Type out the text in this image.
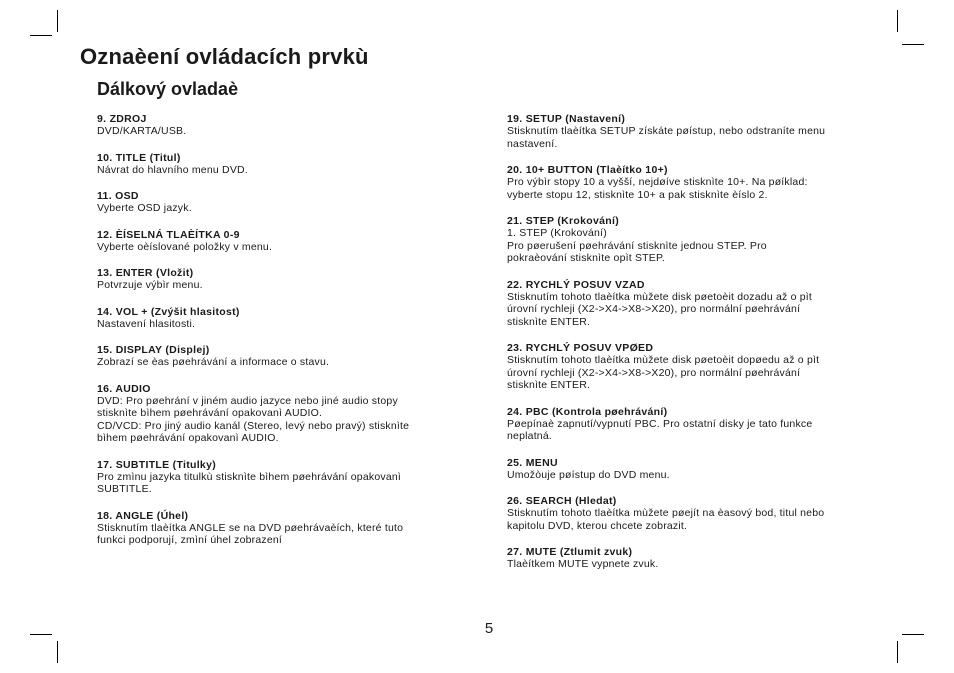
Oznaèení ovládacích prvkù
Dálkový ovladaè
9. ZDROJ
DVD/KARTA/USB.
10. TITLE (Titul)
Návrat do hlavního menu DVD.
11. OSD
Vyberte OSD jazyk.
12. ÈÍSELNÁ TLAÈÍTKA 0-9
Vyberte oèíslované položky v menu.
13. ENTER (Vložit)
Potvrzuje výbìr menu.
14. VOL + (Zvýšit hlasitost)
Nastavení hlasitosti.
15. DISPLAY (Displej)
Zobrazí se èas pøehrávání a informace o stavu.
16. AUDIO
DVD: Pro pøehrání v jiném audio jazyce nebo jiné audio stopy
stisknìte bìhem pøehrávání opakovanì AUDIO.
CD/VCD: Pro jiný audio kanál (Stereo, levý nebo pravý) stisknìte
bìhem pøehrávání opakovanì AUDIO.
17. SUBTITLE (Titulky)
Pro zmìnu jazyka titulkù stisknìte bìhem pøehrávání opakovanì
SUBTITLE.
18. ANGLE (Úhel)
Stisknutím tlaèítka ANGLE se na DVD pøehrávaèích, které tuto
funkci podporují, zmìní úhel zobrazení
19. SETUP (Nastavení)
Stisknutím tlaèítka SETUP získáte pøístup, nebo odstraníte menu
nastavení.
20. 10+ BUTTON (Tlaèítko 10+)
Pro výbìr stopy 10 a vyšší, nejdøíve stisknìte 10+. Na pøíklad:
vyberte stopu 12, stisknìte 10+ a pak stisknìte èíslo 2.
21. STEP (Krokování)
1. STEP (Krokování)
Pro pøerušení pøehrávání stisknìte jednou STEP. Pro
pokraèování stisknìte opìt STEP.
22. RYCHLÝ POSUV VZAD
Stisknutím tohoto tlaèítka mùžete disk pøetoèit dozadu až o pìt
úrovní rychleji (X2->X4->X8->X20), pro normální pøehrávání
stisknìte ENTER.
23. RYCHLÝ POSUV VPØED
Stisknutím tohoto tlaèítka mùžete disk pøetoèit dopøedu až o pìt
úrovní rychleji (X2->X4->X8->X20), pro normální pøehrávání
stisknìte ENTER.
24. PBC (Kontrola pøehrávání)
Pøepínaè zapnutí/vypnutí PBC. Pro ostatní disky je tato funkce
neplatná.
25. MENU
Umožòuje pøístup do DVD menu.
26. SEARCH (Hledat)
Stisknutím tohoto tlaèítka mùžete pøejít na èasový bod, titul nebo
kapitolu DVD, kterou chcete zobrazit.
27. MUTE (Ztlumit zvuk)
Tlaèítkem MUTE vypnete zvuk.
5
